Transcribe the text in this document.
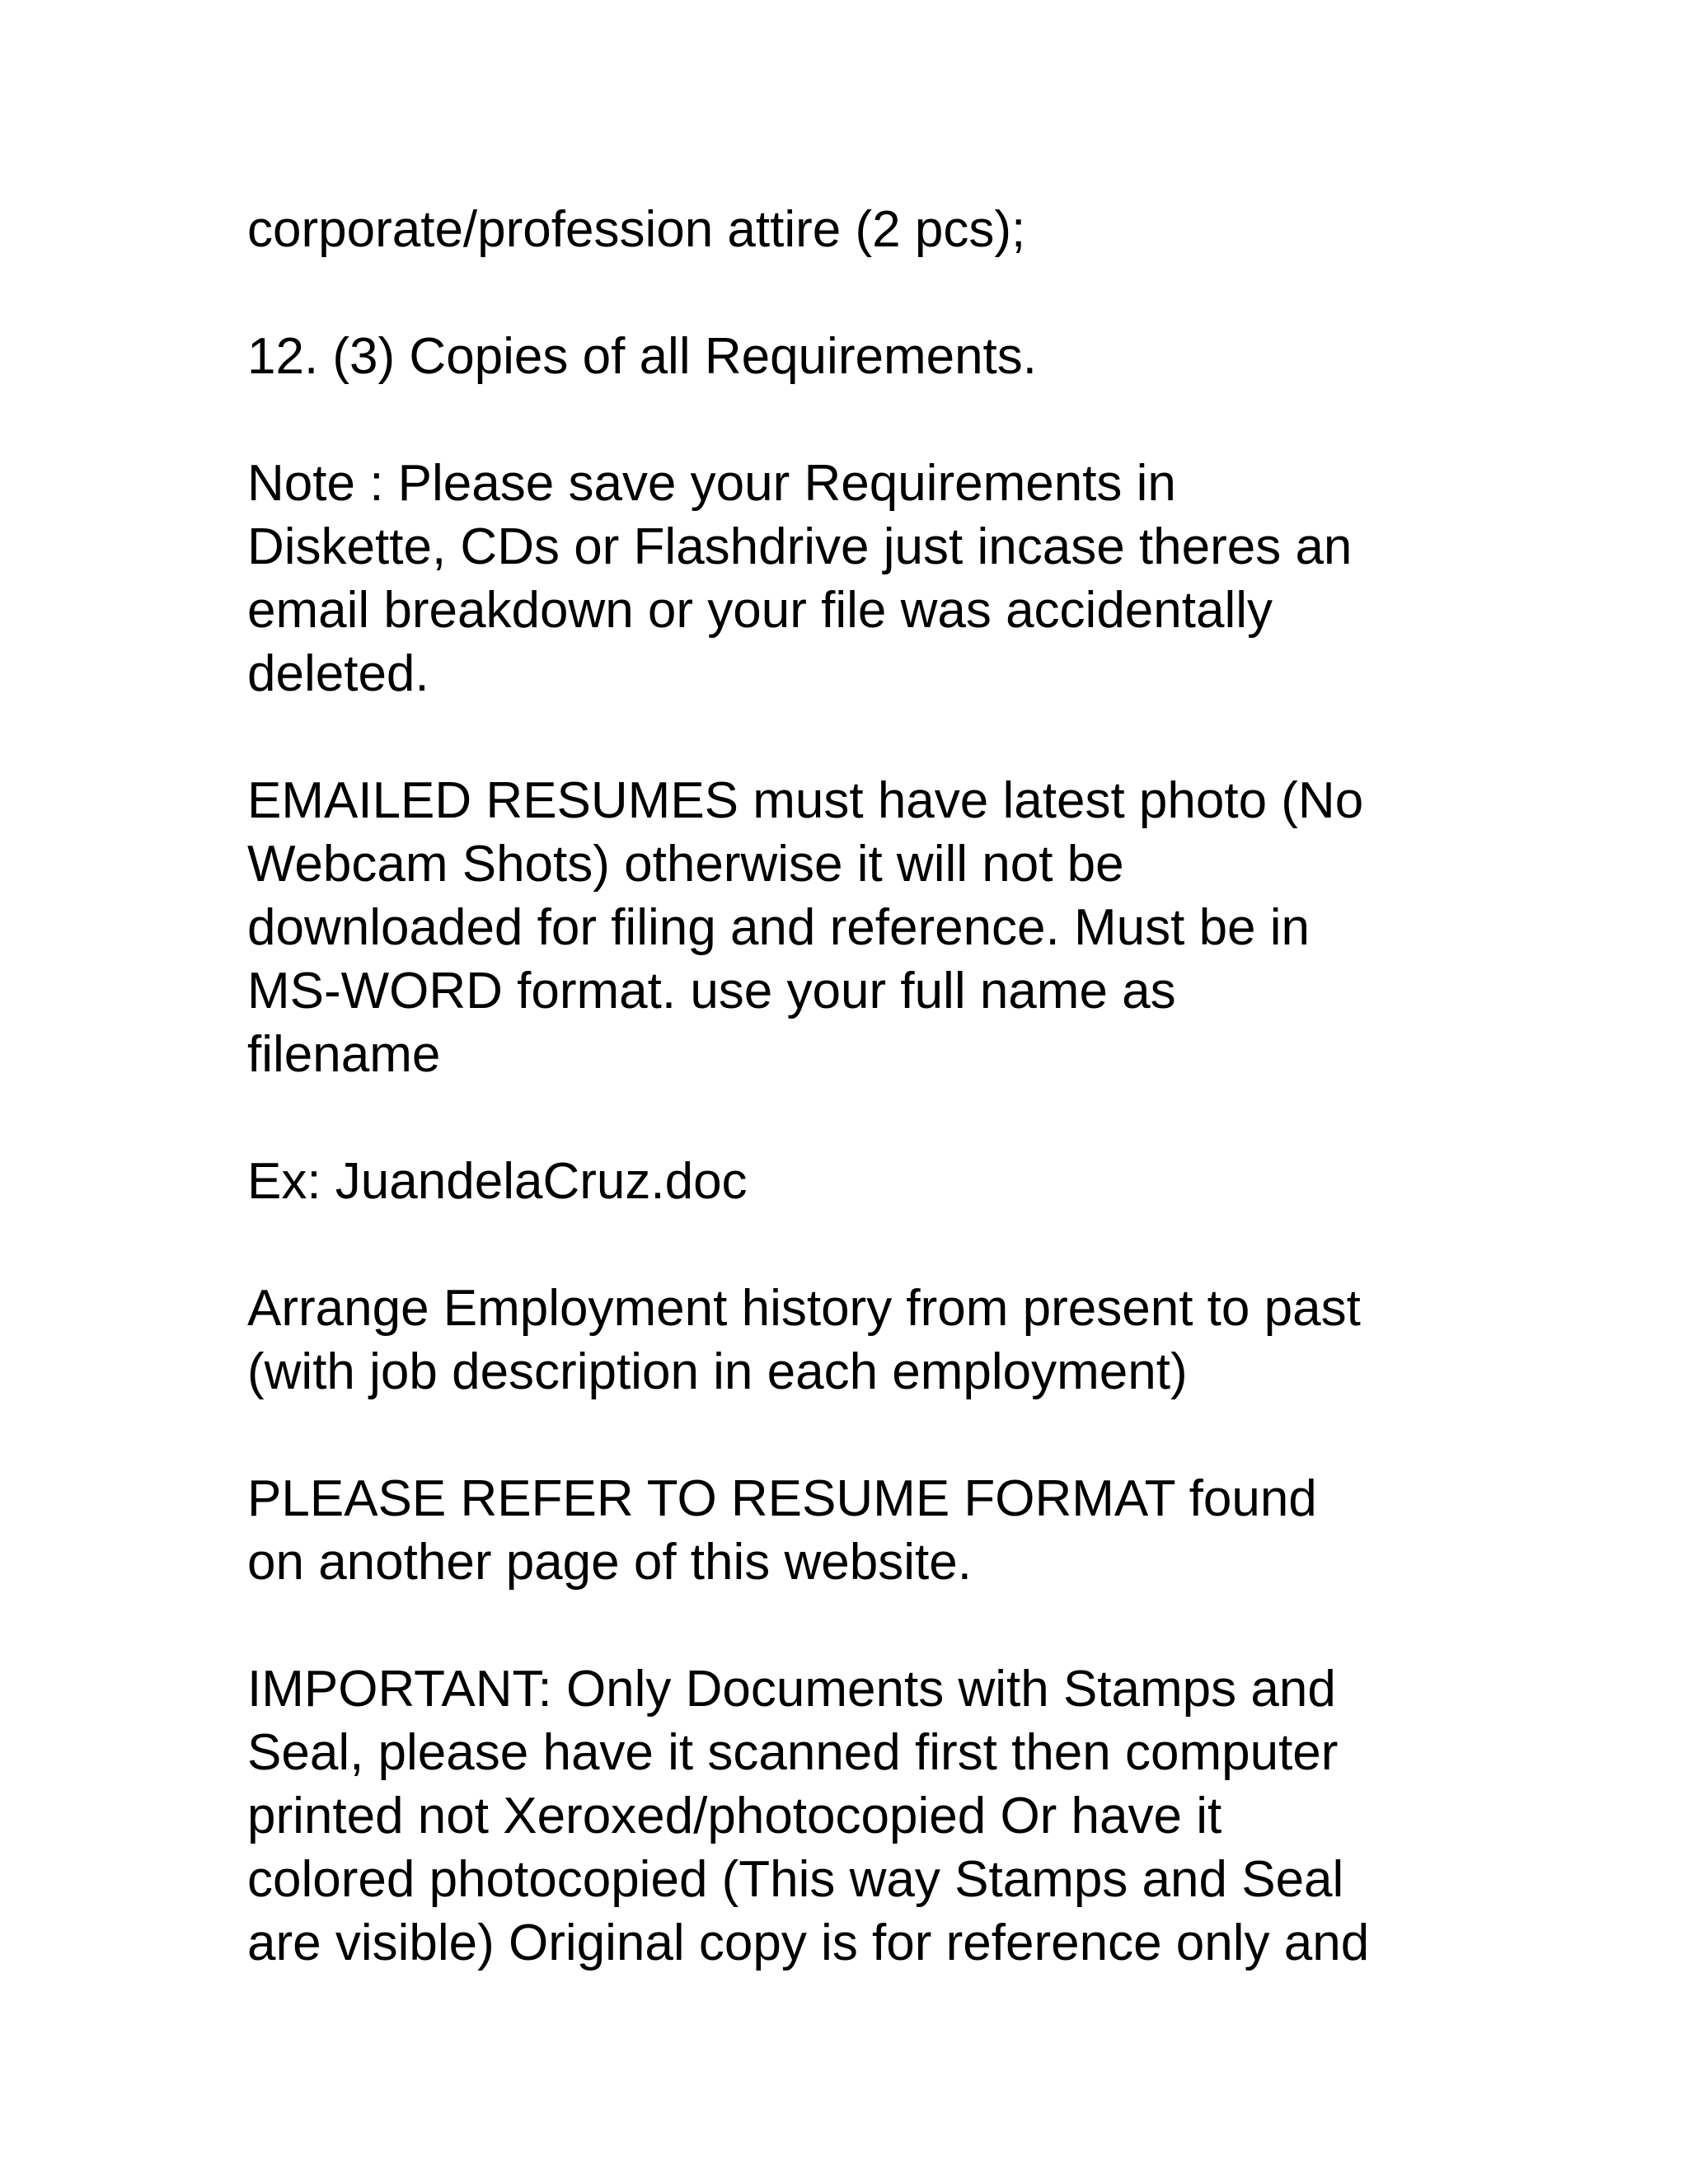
corporate/profession attire (2 pcs);

12. (3) Copies of all Requirements.

Note : Please save your Requirements in
Diskette, CDs or Flashdrive just incase theres an
email breakdown or your file was accidentally
deleted.

EMAILED RESUMES must have latest photo (No
Webcam Shots) otherwise it will not be
downloaded for filing and reference. Must be in
MS-WORD format. use your full name as
filename

Ex: JuandelaCruz.doc

Arrange Employment history from present to past
(with job description in each employment)

PLEASE REFER TO RESUME FORMAT found
on another page of this website.

IMPORTANT: Only Documents with Stamps and
Seal, please have it scanned first then computer
printed not Xeroxed/photocopied Or have it
colored photocopied (This way Stamps and Seal
are visible) Original copy is for reference only and
